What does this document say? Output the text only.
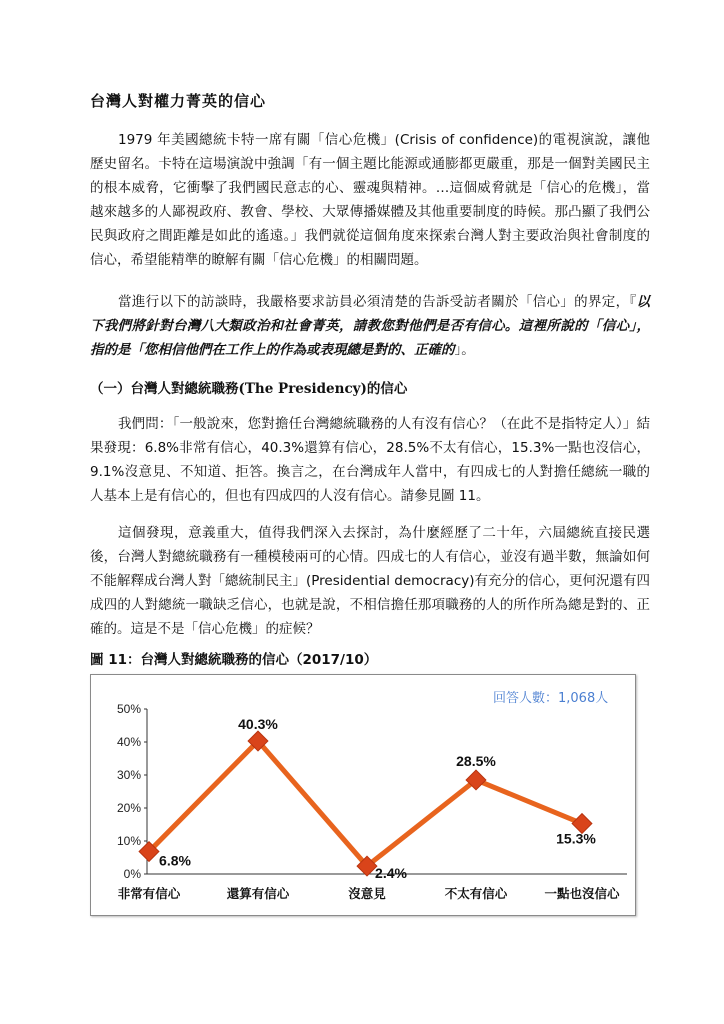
台灣人對權力菁英的信心

1979 年美國總統卡特一席有關「信心危機」(Crisis of confidence)的電視演說，讓他歷史留名。卡特在這場演說中強調「有一個主題比能源或通膨都更嚴重，那是一個對美國民主的根本威脅，它衝擊了我們國民意志的心、靈魂與精神。…這個威脅就是「信心的危機」，當越來越多的人鄙視政府、教會、學校、大眾傳播媒體及其他重要制度的時候。那凸顯了我們公民與政府之間距離是如此的遙遠。」我們就從這個角度來探索台灣人對主要政治與社會制度的信心，希望能精準的瞭解有關「信心危機」的相關問題。

當進行以下的訪談時，我嚴格要求訪員必須清楚的告訴受訪者關於「信心」的界定，『以下我們將針對台灣八大類政治和社會菁英，請教您對他們是否有信心。這裡所說的「信心」，指的是「您相信他們在工作上的作為或表現總是對的、正確的」。

（一）台灣人對總統職務(The Presidency)的信心

我們問：「一般說來，您對擔任台灣總統職務的人有沒有信心？（在此不是指特定人）」結果發現：6.8%非常有信心，40.3%還算有信心，28.5%不太有信心，15.3%一點也沒信心，9.1%沒意見、不知道、拒答。換言之，在台灣成年人當中，有四成七的人對擔任總統一職的人基本上是有信心的，但也有四成四的人沒有信心。請參見圖 11。

這個發現，意義重大，值得我們深入去探討，為什麼經歷了二十年，六屆總統直接民選後，台灣人對總統職務有一種模稜兩可的心情。四成七的人有信心，並沒有過半數，無論如何不能解釋成台灣人對「總統制民主」(Presidential democracy)有充分的信心，更何況還有四成四的人對總統一職缺乏信心，也就是說，不相信擔任那項職務的人的所作所為總是對的、正確的。這是不是「信心危機」的症候？

圖 11：台灣人對總統職務的信心（2017/10）
回答人數：1,068人
0%
10%
20%
30%
40%
50%
非常有信心	還算有信心	沒意見	不太有信心	一點也沒信心
6.8%
40.3%
2.4%
28.5%
15.3%
